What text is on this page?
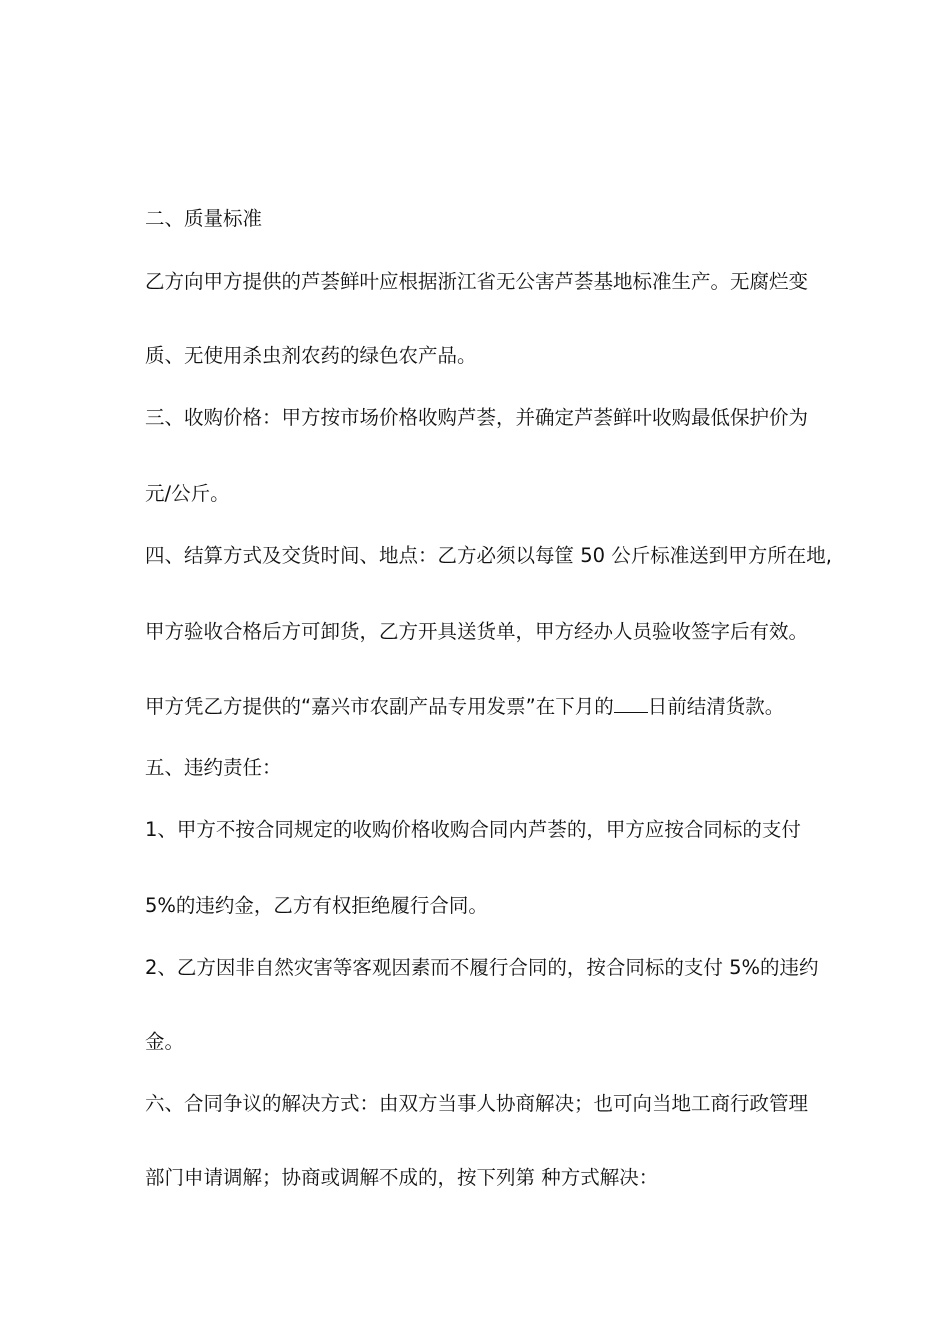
二、质量标准
乙方向甲方提供的芦荟鲜叶应根据浙江省无公害芦荟基地标准生产。无腐烂变
质、无使用杀虫剂农药的绿色农产品。
三、收购价格：甲方按市场价格收购芦荟，并确定芦荟鲜叶收购最低保护价为
元/公斤。
四、结算方式及交货时间、地点：乙方必须以每筐 50 公斤标准送到甲方所在地,
甲方验收合格后方可卸货，乙方开具送货单，甲方经办人员验收签字后有效。
甲方凭乙方提供的“嘉兴市农副产品专用发票”在下月的 日前结清货款。
五、违约责任：
1、甲方不按合同规定的收购价格收购合同内芦荟的，甲方应按合同标的支付
5%的违约金，乙方有权拒绝履行合同。
2、乙方因非自然灾害等客观因素而不履行合同的，按合同标的支付 5%的违约
金。
六、合同争议的解决方式：由双方当事人协商解决；也可向当地工商行政管理
部门申请调解；协商或调解不成的，按下列第 种方式解决：
